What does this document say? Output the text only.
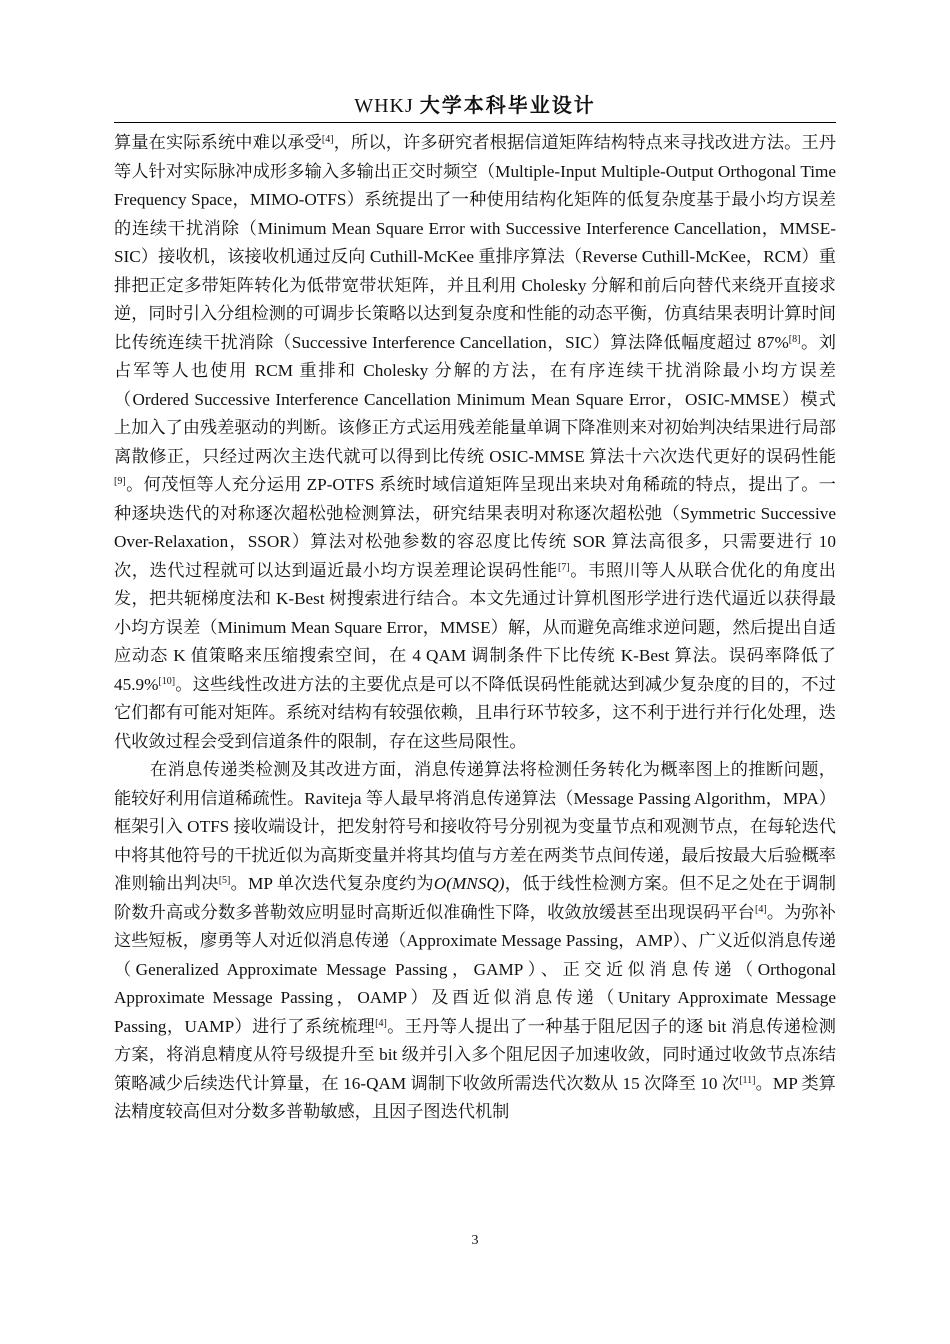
WHKJ 大学本科毕业设计

算量在实际系统中难以承受[4]，所以，许多研究者根据信道矩阵结构特点来寻找改进方法。王丹等人针对实际脉冲成形多输入多输出正交时频空（Multiple-Input Multiple-Output Orthogonal Time Frequency Space，MIMO-OTFS）系统提出了一种使用结构化矩阵的低复杂度基于最小均方误差的连续干扰消除（Minimum Mean Square Error with Successive Interference Cancellation，MMSE-SIC）接收机，该接收机通过反向 Cuthill-McKee 重排序算法（Reverse Cuthill-McKee，RCM）重排把正定多带矩阵转化为低带宽带状矩阵，并且利用 Cholesky 分解和前后向替代来绕开直接求逆，同时引入分组检测的可调步长策略以达到复杂度和性能的动态平衡，仿真结果表明计算时间比传统连续干扰消除（Successive Interference Cancellation，SIC）算法降低幅度超过 87%[8]。刘占军等人也使用 RCM 重排和 Cholesky 分解的方法，在有序连续干扰消除最小均方误差（Ordered Successive Interference Cancellation Minimum Mean Square Error，OSIC-MMSE）模式上加入了由残差驱动的判断。该修正方式运用残差能量单调下降准则来对初始判决结果进行局部离散修正，只经过两次主迭代就可以得到比传统 OSIC-MMSE 算法十六次迭代更好的误码性能[9]。何茂恒等人充分运用 ZP-OTFS 系统时域信道矩阵呈现出来块对角稀疏的特点，提出了。一种逐块迭代的对称逐次超松弛检测算法，研究结果表明对称逐次超松弛（Symmetric Successive Over-Relaxation，SSOR）算法对松弛参数的容忍度比传统 SOR 算法高很多，只需要进行 10 次，迭代过程就可以达到逼近最小均方误差理论误码性能[7]。韦照川等人从联合优化的角度出发，把共轭梯度法和 K-Best 树搜索进行结合。本文先通过计算机图形学进行迭代逼近以获得最小均方误差（Minimum Mean Square Error，MMSE）解，从而避免高维求逆问题，然后提出自适应动态 K 值策略来压缩搜索空间，在 4 QAM 调制条件下比传统 K-Best 算法。误码率降低了 45.9%[10]。这些线性改进方法的主要优点是可以不降低误码性能就达到减少复杂度的目的，不过它们都有可能对矩阵。系统对结构有较强依赖，且串行环节较多，这不利于进行并行化处理，迭代收敛过程会受到信道条件的限制，存在这些局限性。

在消息传递类检测及其改进方面，消息传递算法将检测任务转化为概率图上的推断问题，能较好利用信道稀疏性。Raviteja 等人最早将消息传递算法（Message Passing Algorithm，MPA）框架引入 OTFS 接收端设计，把发射符号和接收符号分别视为变量节点和观测节点，在每轮迭代中将其他符号的干扰近似为高斯变量并将其均值与方差在两类节点间传递，最后按最大后验概率准则输出判决[5]。MP 单次迭代复杂度约为O(MNSQ)，低于线性检测方案。但不足之处在于调制阶数升高或分数多普勒效应明显时高斯近似准确性下降，收敛放缓甚至出现误码平台[4]。为弥补这些短板，廖勇等人对近似消息传递（Approximate Message Passing，AMP）、广义近似消息传递（Generalized Approximate Message Passing，GAMP）、正交近似消息传递（Orthogonal Approximate Message Passing，OAMP）及酉近似消息传递（Unitary Approximate Message Passing，UAMP）进行了系统梳理[4]。王丹等人提出了一种基于阻尼因子的逐 bit 消息传递检测方案，将消息精度从符号级提升至 bit 级并引入多个阻尼因子加速收敛，同时通过收敛节点冻结策略减少后续迭代计算量，在 16-QAM 调制下收敛所需迭代次数从 15 次降至 10 次[11]。MP 类算法精度较高但对分数多普勒敏感，且因子图迭代机制

3
